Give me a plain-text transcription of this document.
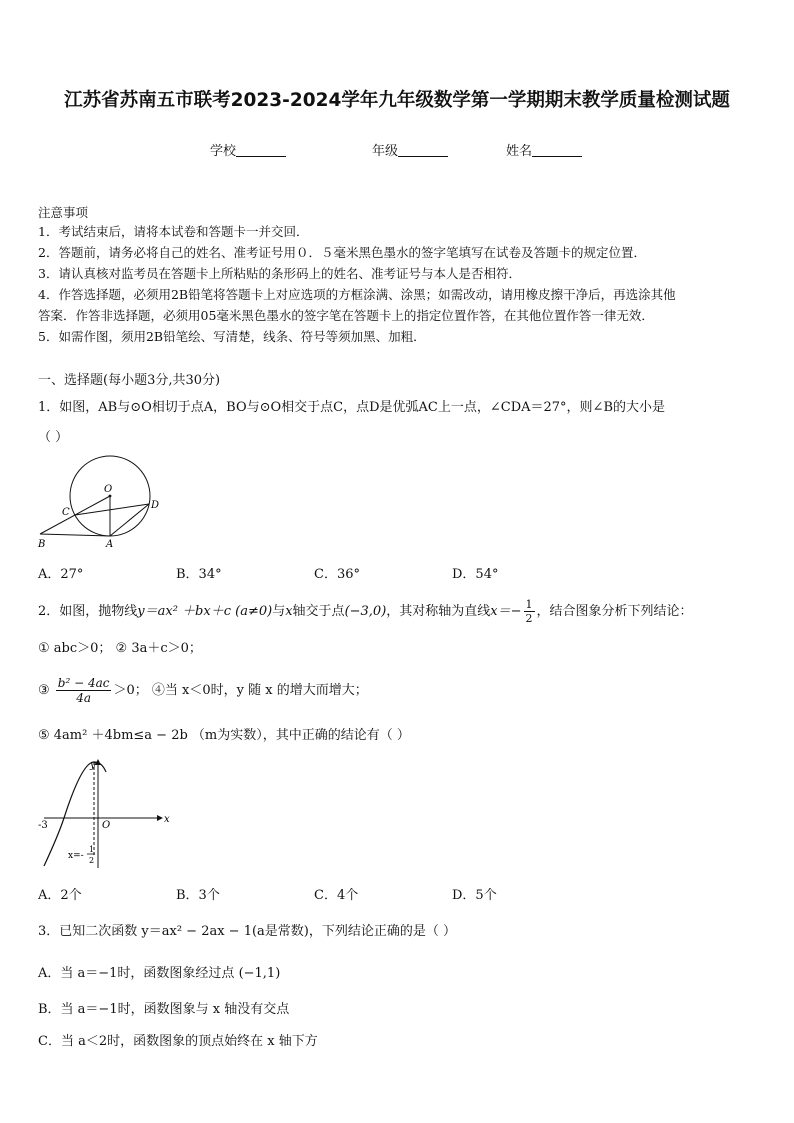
江苏省苏南五市联考2023-2024学年九年级数学第一学期期末教学质量检测试题
学校	年级	姓名
注意事项
1．考试结束后，请将本试卷和答题卡一并交回．
2．答题前，请务必将自己的姓名、准考证号用０．５毫米黑色墨水的签字笔填写在试卷及答题卡的规定位置．
3．请认真核对监考员在答题卡上所粘贴的条形码上的姓名、准考证号与本人是否相符．
4．作答选择题，必须用2B铅笔将答题卡上对应选项的方框涂满、涂黑；如需改动，请用橡皮擦干净后，再选涂其他
答案．作答非选择题，必须用05毫米黑色墨水的签字笔在答题卡上的指定位置作答，在其他位置作答一律无效．
5．如需作图，须用2B铅笔绘、写清楚，线条、符号等须加黑、加粗．
一、选择题(每小题3分,共30分)
1．如图，AB与⊙O相切于点A，BO与⊙O相交于点C，点D是优弧AC上一点，∠CDA＝27°，则∠B的大小是
（ ）
O
C
D
B	A
A．27°	B．34°	C．36°	D．54°
2．如图，抛物线y＝ax² ＋bx＋c (a≠0)与x轴交于点(−3,0)，其对称轴为直线$x=- \frac{1}{2}$ ，结合图象分析下列结论：
① abc＞0； ② 3a＋c＞0；
③ $\frac{\text{b² − 4ac}}{4a} >0$； ④当 x＜0时，y 随 x 的增大而增大；
⑤ 4am² ＋4bm≤a − 2b （m为实数），其中正确的结论有（ ）
y
x
-3	O
x=-
1
2
A．2个	B．3个	C．4个	D．5个
3．已知二次函数 y＝ax² − 2ax − 1(a是常数)，下列结论正确的是（ ）
A．当 a＝−1时，函数图象经过点 (−1,1)
B．当 a＝−1时，函数图象与 x 轴没有交点
C．当 a＜2时，函数图象的顶点始终在 x 轴下方
